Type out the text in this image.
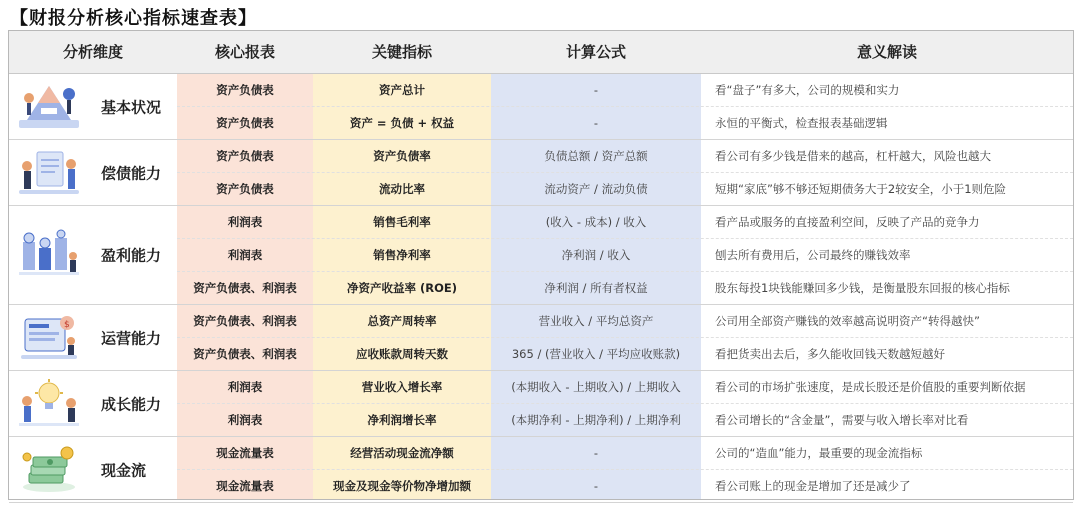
【财报分析核心指标速查表】
分析维度	核心报表	关键指标	计算公式	意义解读
基本状况
资产负债表	资产总计	-	看“盘子”有多大，公司的规模和实力
资产负债表	资产 = 负债 + 权益	-	永恒的平衡式，检查报表基础逻辑
偿债能力
资产负债表	资产负债率	负债总额 / 资产总额	看公司有多少钱是借来的越高，杠杆越大，风险也越大
资产负债表	流动比率	流动资产 / 流动负债	短期“家底”够不够还短期债务大于2较安全，小于1则危险
盈利能力
利润表	销售毛利率	(收入 - 成本) / 收入	看产品或服务的直接盈利空间，反映了产品的竞争力
利润表	销售净利率	净利润 / 收入	刨去所有费用后，公司最终的赚钱效率
资产负债表、利润表	净资产收益率 (ROE)	净利润 / 所有者权益	股东每投1块钱能赚回多少钱，是衡量股东回报的核心指标
$
运营能力
资产负债表、利润表	总资产周转率	营业收入 / 平均总资产	公司用全部资产赚钱的效率越高说明资产“转得越快”
资产负债表、利润表	应收账款周转天数	365 / (营业收入 / 平均应收账款)	看把货卖出去后，多久能收回钱天数越短越好
成长能力
利润表	营业收入增长率	(本期收入 - 上期收入) / 上期收入	看公司的市场扩张速度，是成长股还是价值股的重要判断依据
利润表	净利润增长率	(本期净利 - 上期净利) / 上期净利	看公司增长的“含金量”，需要与收入增长率对比看
现金流
现金流量表	经营活动现金流净额	-	公司的“造血”能力，最重要的现金流指标
现金流量表	现金及现金等价物净增加额	-	看公司账上的现金是增加了还是减少了
